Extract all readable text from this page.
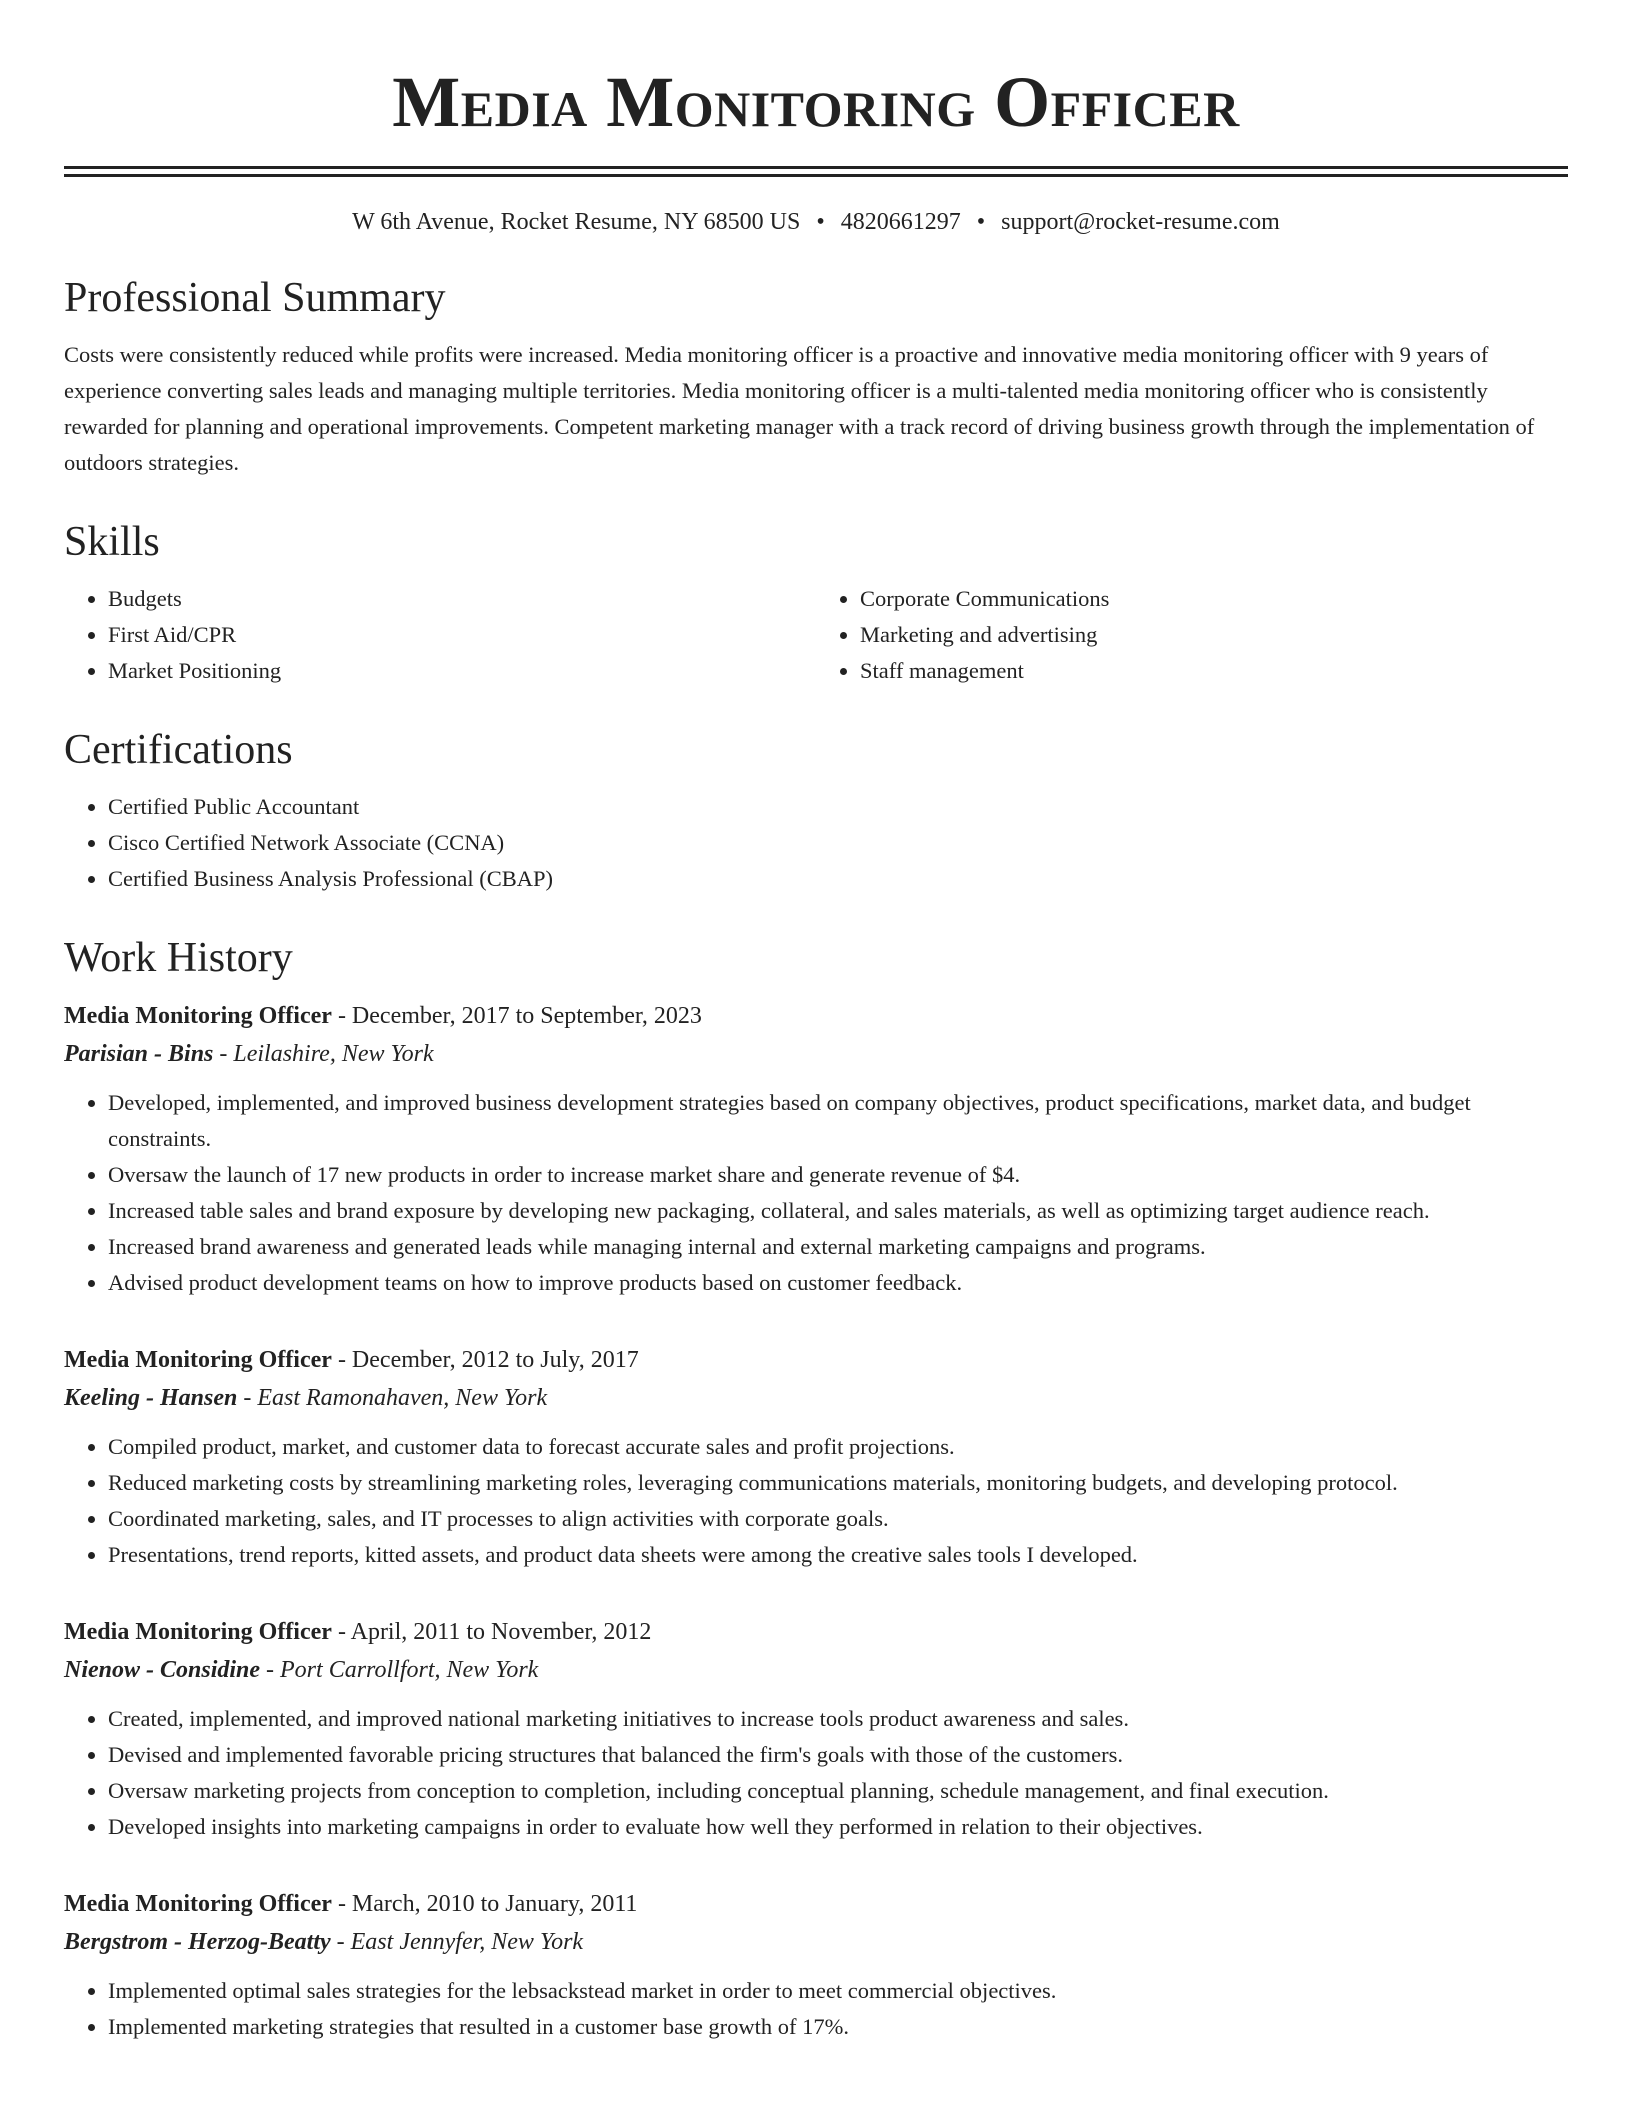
Media Monitoring Officer
W 6th Avenue, Rocket Resume, NY 68500 US • 4820661297 • support@rocket-resume.com
Professional Summary

Costs were consistently reduced while profits were increased. Media monitoring officer is a proactive and innovative media monitoring officer with 9 years of experience converting sales leads and managing multiple territories. Media monitoring officer is a multi-talented media monitoring officer who is consistently rewarded for planning and operational improvements. Competent marketing manager with a track record of driving business growth through the implementation of outdoors strategies.

Skills
• Budgets
• First Aid/CPR
• Market Positioning
• Corporate Communications
• Marketing and advertising
• Staff management
Certifications
• Certified Public Accountant
• Cisco Certified Network Associate (CCNA)
• Certified Business Analysis Professional (CBAP)
Work History
Media Monitoring Officer - December, 2017 to September, 2023
Parisian - Bins - Leilashire, New York
• Developed, implemented, and improved business development strategies based on company objectives, product specifications, market data, and budget constraints.
• Oversaw the launch of 17 new products in order to increase market share and generate revenue of $4.
• Increased table sales and brand exposure by developing new packaging, collateral, and sales materials, as well as optimizing target audience reach.
• Increased brand awareness and generated leads while managing internal and external marketing campaigns and programs.
• Advised product development teams on how to improve products based on customer feedback.
Media Monitoring Officer - December, 2012 to July, 2017
Keeling - Hansen - East Ramonahaven, New York
• Compiled product, market, and customer data to forecast accurate sales and profit projections.
• Reduced marketing costs by streamlining marketing roles, leveraging communications materials, monitoring budgets, and developing protocol.
• Coordinated marketing, sales, and IT processes to align activities with corporate goals.
• Presentations, trend reports, kitted assets, and product data sheets were among the creative sales tools I developed.
Media Monitoring Officer - April, 2011 to November, 2012
Nienow - Considine - Port Carrollfort, New York
• Created, implemented, and improved national marketing initiatives to increase tools product awareness and sales.
• Devised and implemented favorable pricing structures that balanced the firm's goals with those of the customers.
• Oversaw marketing projects from conception to completion, including conceptual planning, schedule management, and final execution.
• Developed insights into marketing campaigns in order to evaluate how well they performed in relation to their objectives.
Media Monitoring Officer - March, 2010 to January, 2011
Bergstrom - Herzog-Beatty - East Jennyfer, New York
• Implemented optimal sales strategies for the lebsackstead market in order to meet commercial objectives.
• Implemented marketing strategies that resulted in a customer base growth of 17%.
